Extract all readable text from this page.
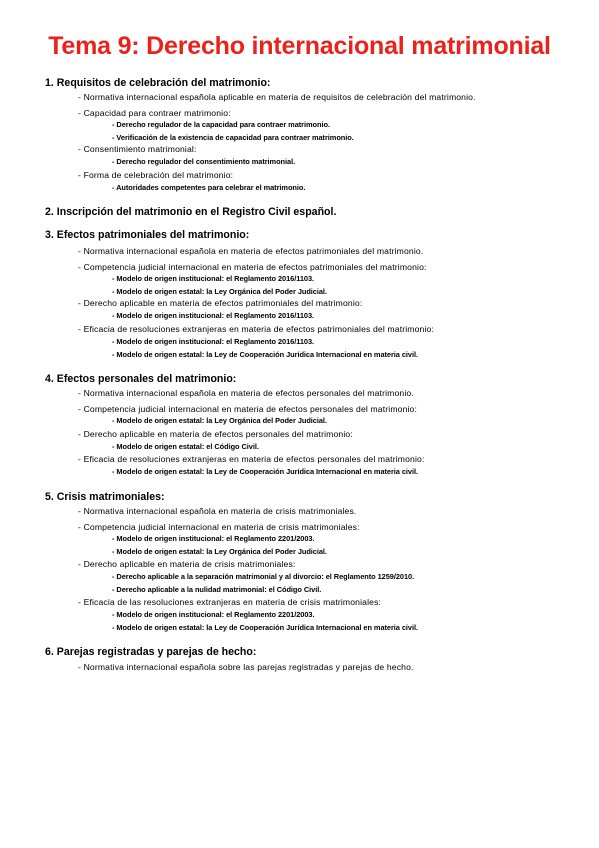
Tema 9: Derecho internacional matrimonial
1. Requisitos de celebración del matrimonio:
- Normativa internacional española aplicable en materia de requisitos de celebración del matrimonio.
- Capacidad para contraer matrimonio:
- Derecho regulador de la capacidad para contraer matrimonio.
- Verificación de la existencia de capacidad para contraer matrimonio.
- Consentimiento matrimonial:
- Derecho regulador del consentimiento matrimonial.
- Forma de celebración del matrimonio:
- Autoridades competentes para celebrar el matrimonio.
2. Inscripción del matrimonio en el Registro Civil español.
3. Efectos patrimoniales del matrimonio:
- Normativa internacional española en materia de efectos patrimoniales del matrimonio.
- Competencia judicial internacional en materia de efectos patrimoniales del matrimonio:
- Modelo de origen institucional: el Reglamento 2016/1103.
- Modelo de origen estatal: la Ley Orgánica del Poder Judicial.
- Derecho aplicable en materia de efectos patrimoniales del matrimonio:
- Modelo de origen institucional: el Reglamento 2016/1103.
- Eficacia de resoluciones extranjeras en materia de efectos patrimoniales del matrimonio:
- Modelo de origen institucional: el Reglamento 2016/1103.
- Modelo de origen estatal: la Ley de Cooperación Jurídica Internacional en materia civil.
4. Efectos personales del matrimonio:
- Normativa internacional española en materia de efectos personales del matrimonio.
- Competencia judicial internacional en materia de efectos personales del matrimonio:
- Modelo de origen estatal: la Ley Orgánica del Poder Judicial.
- Derecho aplicable en materia de efectos personales del matrimonio:
- Modelo de origen estatal: el Código Civil.
- Eficacia de resoluciones extranjeras en materia de efectos personales del matrimonio:
- Modelo de origen estatal: la Ley de Cooperación Jurídica Internacional en materia civil.
5. Crisis matrimoniales:
- Normativa internacional española en materia de crisis matrimoniales.
- Competencia judicial internacional en materia de crisis matrimoniales:
- Modelo de origen institucional: el Reglamento 2201/2003.
- Modelo de origen estatal: la Ley Orgánica del Poder Judicial.
- Derecho aplicable en materia de crisis matrimoniales:
- Derecho aplicable a la separación matrimonial y al divorcio: el Reglamento 1259/2010.
- Derecho aplicable a la nulidad matrimonial: el Código Civil.
- Eficacia de las resoluciones extranjeras en materia de crisis matrimoniales:
- Modelo de origen institucional: el Reglamento 2201/2003.
- Modelo de origen estatal: la Ley de Cooperación Jurídica Internacional en materia civil.
6. Parejas registradas y parejas de hecho:
- Normativa internacional española sobre las parejas registradas y parejas de hecho.
